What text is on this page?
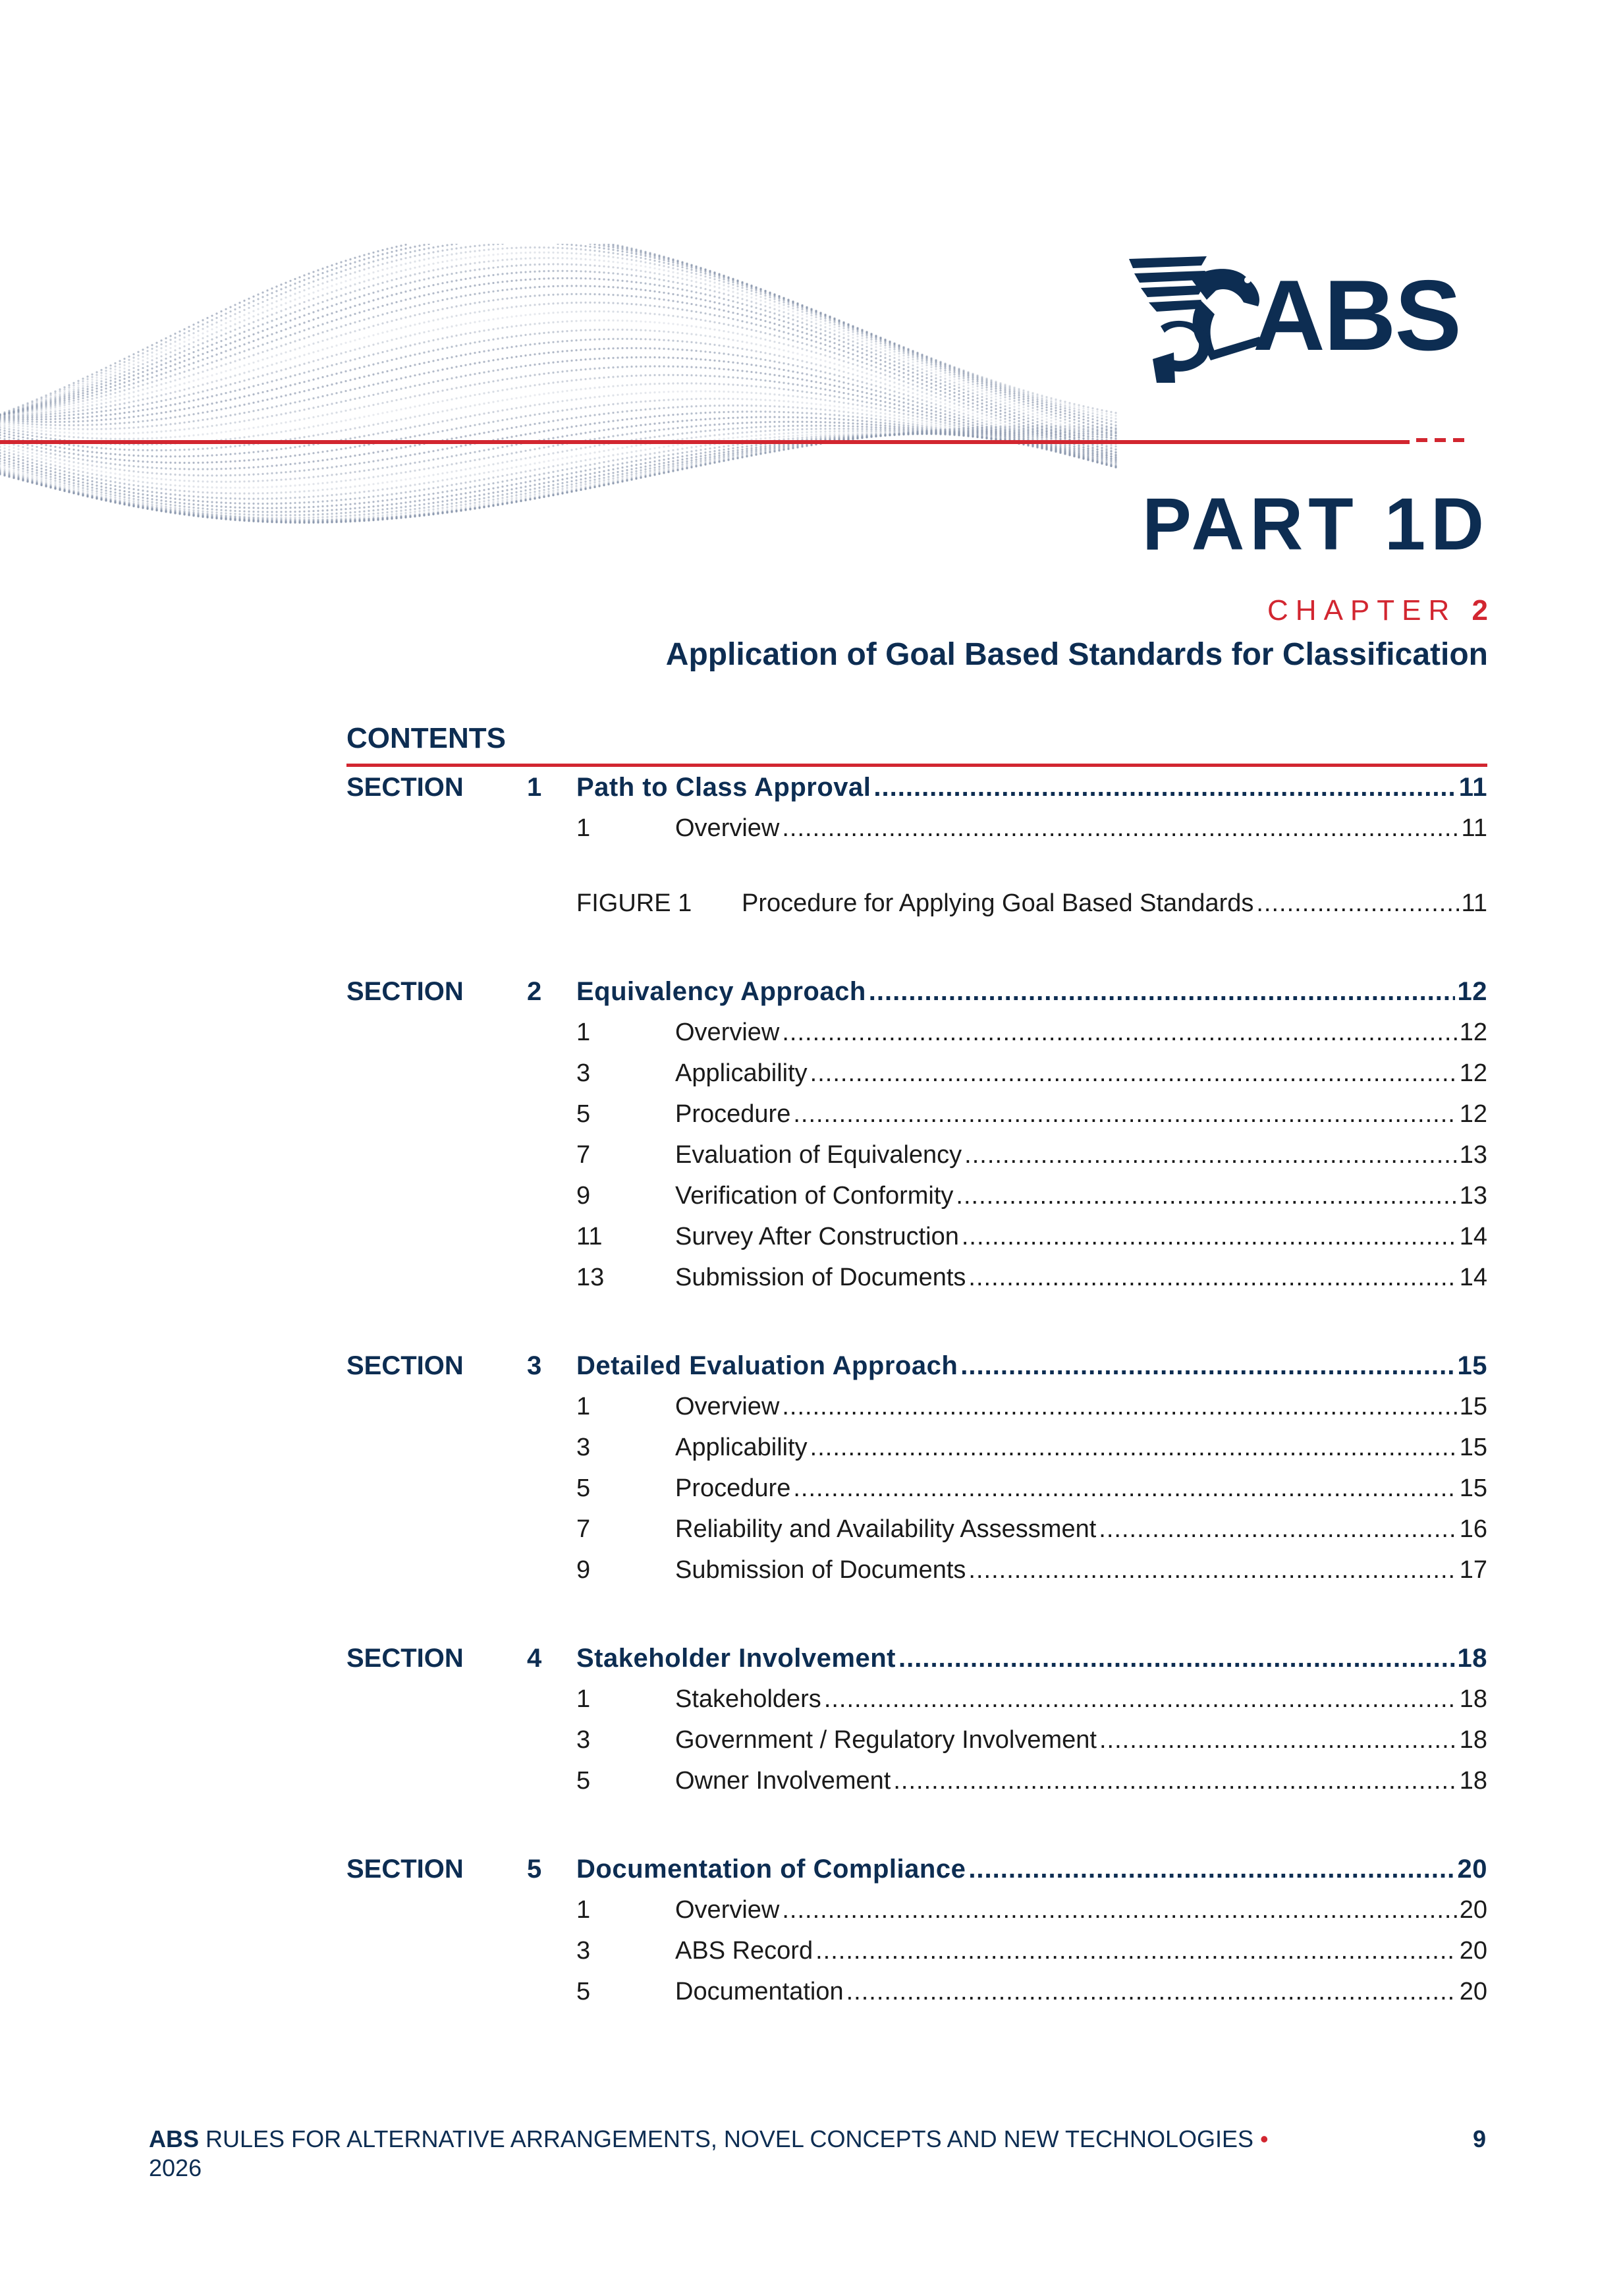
ABS
PART 1D
CHAPTER 2
Application of Goal Based Standards for Classification
CONTENTS
SECTION	1 Path to Class Approval .....	11
1	Overview .....	11
FIGURE 1 Procedure for Applying Goal Based Standards .....	11
SECTION	2 Equivalency Approach .....	12
1	Overview .....	12
3	Applicability .....	12
5	Procedure .....	12
7	Evaluation of Equivalency .....	13
9	Verification of Conformity .....	13
11	Survey After Construction .....	14
13	Submission of Documents .....	14
SECTION	3 Detailed Evaluation Approach .....	15
1	Overview .....	15
3	Applicability .....	15
5	Procedure .....	15
7	Reliability and Availability Assessment .....	16
9	Submission of Documents .....	17
SECTION	4 Stakeholder Involvement .....	18
1	Stakeholders .....	18
3	Government / Regulatory Involvement .....	18
5	Owner Involvement .....	18
SECTION	5 Documentation of Compliance .....	20
1	Overview .....	20
3	ABS Record .....	20
5	Documentation .....	20
ABS RULES FOR ALTERNATIVE ARRANGEMENTS, NOVEL CONCEPTS AND NEW TECHNOLOGIES •
2026
9
